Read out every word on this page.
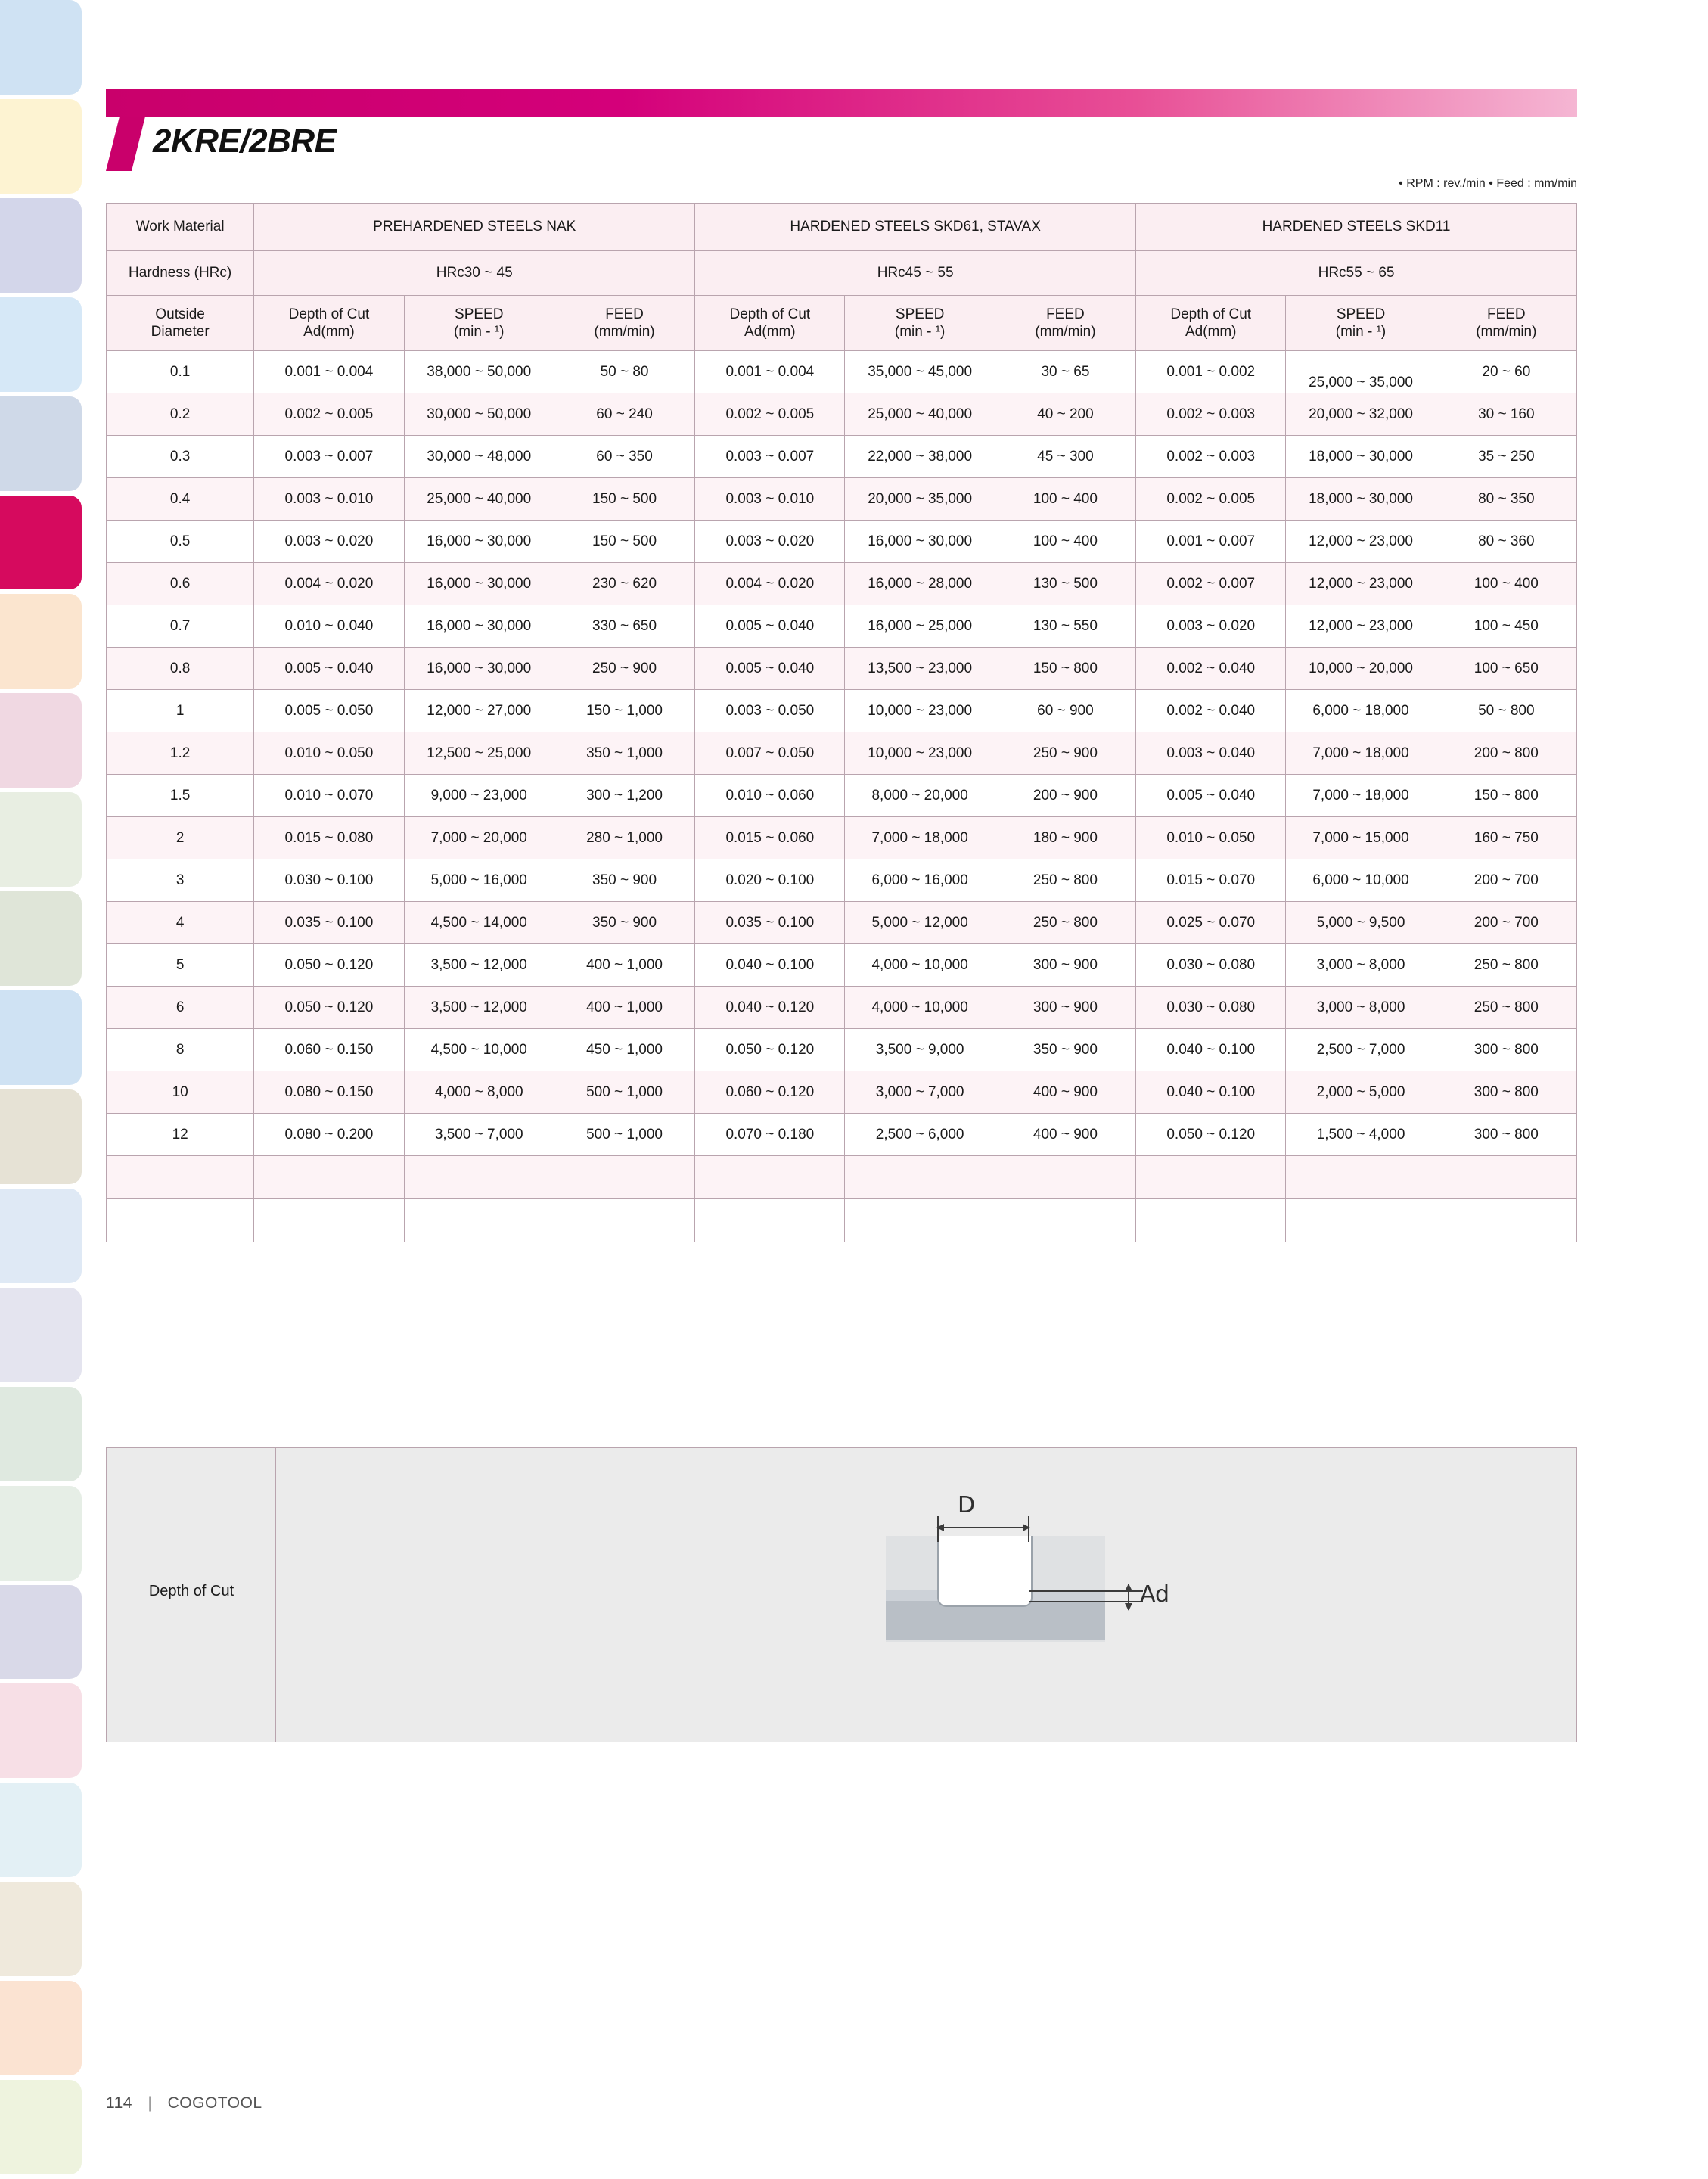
2KRE/2BRE
• RPM : rev./min • Feed : mm/min
Work Material	PREHARDENED STEELS NAK			HARDENED STEELS SKD61, STAVAX			HARDENED STEELS SKD11		
Hardness (HRc)	HRc30 ~ 45			HRc45 ~ 55			HRc55 ~ 65		

Outside
Diameter

Depth of Cut
Ad(mm)

SPEED
(min - ¹)

FEED
(mm/min)

Depth of Cut
Ad(mm)

SPEED
(min - ¹)

FEED
(mm/min)

Depth of Cut
Ad(mm)

SPEED
(min - ¹)

FEED
(mm/min)

0.1	0.001 ~ 0.004	38,000 ~ 50,000	50 ~ 80	0.001 ~ 0.004	35,000 ~ 45,000	30 ~ 65	0.001 ~ 0.002	25,000 ~ 35,000	20 ~ 60
0.2	0.002 ~ 0.005	30,000 ~ 50,000	60 ~ 240	0.002 ~ 0.005	25,000 ~ 40,000	40 ~ 200	0.002 ~ 0.003	20,000 ~ 32,000	30 ~ 160
0.3	0.003 ~ 0.007	30,000 ~ 48,000	60 ~ 350	0.003 ~ 0.007	22,000 ~ 38,000	45 ~ 300	0.002 ~ 0.003	18,000 ~ 30,000	35 ~ 250
0.4	0.003 ~ 0.010	25,000 ~ 40,000	150 ~ 500	0.003 ~ 0.010	20,000 ~ 35,000	100 ~ 400	0.002 ~ 0.005	18,000 ~ 30,000	80 ~ 350
0.5	0.003 ~ 0.020	16,000 ~ 30,000	150 ~ 500	0.003 ~ 0.020	16,000 ~ 30,000	100 ~ 400	0.001 ~ 0.007	12,000 ~ 23,000	80 ~ 360
0.6	0.004 ~ 0.020	16,000 ~ 30,000	230 ~ 620	0.004 ~ 0.020	16,000 ~ 28,000	130 ~ 500	0.002 ~ 0.007	12,000 ~ 23,000	100 ~ 400
0.7	0.010 ~ 0.040	16,000 ~ 30,000	330 ~ 650	0.005 ~ 0.040	16,000 ~ 25,000	130 ~ 550	0.003 ~ 0.020	12,000 ~ 23,000	100 ~ 450
0.8	0.005 ~ 0.040	16,000 ~ 30,000	250 ~ 900	0.005 ~ 0.040	13,500 ~ 23,000	150 ~ 800	0.002 ~ 0.040	10,000 ~ 20,000	100 ~ 650
1	0.005 ~ 0.050	12,000 ~ 27,000	150 ~ 1,000	0.003 ~ 0.050	10,000 ~ 23,000	60 ~ 900	0.002 ~ 0.040	6,000 ~ 18,000	50 ~ 800
1.2	0.010 ~ 0.050	12,500 ~ 25,000	350 ~ 1,000	0.007 ~ 0.050	10,000 ~ 23,000	250 ~ 900	0.003 ~ 0.040	7,000 ~ 18,000	200 ~ 800
1.5	0.010 ~ 0.070	9,000 ~ 23,000	300 ~ 1,200	0.010 ~ 0.060	8,000 ~ 20,000	200 ~ 900	0.005 ~ 0.040	7,000 ~ 18,000	150 ~ 800
2	0.015 ~ 0.080	7,000 ~ 20,000	280 ~ 1,000	0.015 ~ 0.060	7,000 ~ 18,000	180 ~ 900	0.010 ~ 0.050	7,000 ~ 15,000	160 ~ 750
3	0.030 ~ 0.100	5,000 ~ 16,000	350 ~ 900	0.020 ~ 0.100	6,000 ~ 16,000	250 ~ 800	0.015 ~ 0.070	6,000 ~ 10,000	200 ~ 700
4	0.035 ~ 0.100	4,500 ~ 14,000	350 ~ 900	0.035 ~ 0.100	5,000 ~ 12,000	250 ~ 800	0.025 ~ 0.070	5,000 ~ 9,500	200 ~ 700
5	0.050 ~ 0.120	3,500 ~ 12,000	400 ~ 1,000	0.040 ~ 0.100	4,000 ~ 10,000	300 ~ 900	0.030 ~ 0.080	3,000 ~ 8,000	250 ~ 800
6	0.050 ~ 0.120	3,500 ~ 12,000	400 ~ 1,000	0.040 ~ 0.120	4,000 ~ 10,000	300 ~ 900	0.030 ~ 0.080	3,000 ~ 8,000	250 ~ 800
8	0.060 ~ 0.150	4,500 ~ 10,000	450 ~ 1,000	0.050 ~ 0.120	3,500 ~ 9,000	350 ~ 900	0.040 ~ 0.100	2,500 ~ 7,000	300 ~ 800
10	0.080 ~ 0.150	4,000 ~ 8,000	500 ~ 1,000	0.060 ~ 0.120	3,000 ~ 7,000	400 ~ 900	0.040 ~ 0.100	2,000 ~ 5,000	300 ~ 800
12	0.080 ~ 0.200	3,500 ~ 7,000	500 ~ 1,000	0.070 ~ 0.180	2,500 ~ 6,000	400 ~ 900	0.050 ~ 0.120	1,500 ~ 4,000	300 ~ 800

Depth of Cut
D
Ad
114 | COGOTOOL
